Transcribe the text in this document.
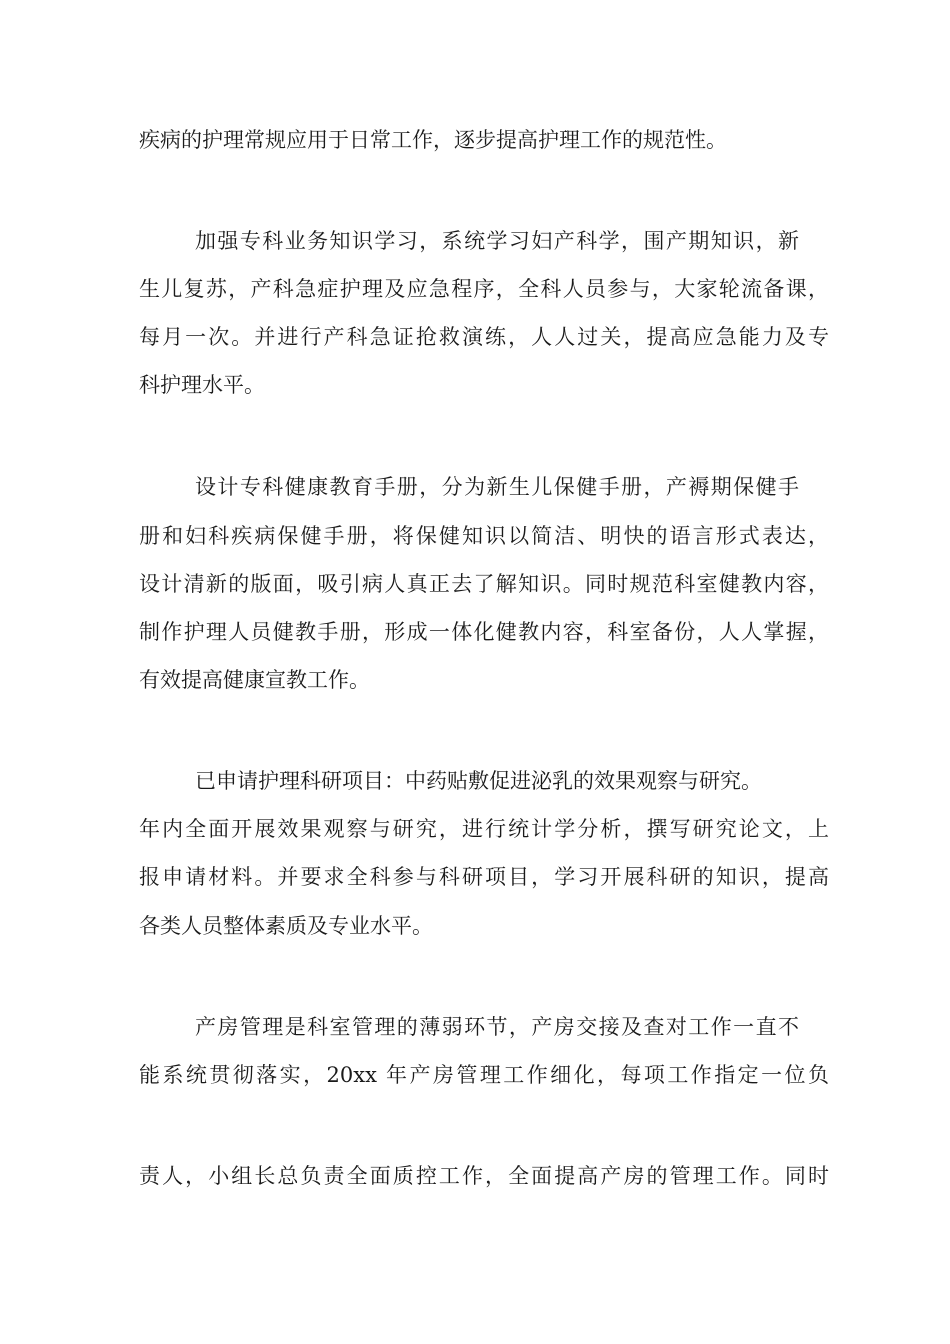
疾病的护理常规应用于日常工作，逐步提高护理工作的规范性。

加强专科业务知识学习，系统学习妇产科学，围产期知识，新

生儿复苏，产科急症护理及应急程序，全科人员参与，大家轮流备课，

每月一次。并进行产科急证抢救演练，人人过关，提高应急能力及专

科护理水平。

设计专科健康教育手册，分为新生儿保健手册，产褥期保健手

册和妇科疾病保健手册，将保健知识以简洁、明快的语言形式表达，

设计清新的版面，吸引病人真正去了解知识。同时规范科室健教内容，

制作护理人员健教手册，形成一体化健教内容，科室备份，人人掌握，

有效提高健康宣教工作。

已申请护理科研项目：中药贴敷促进泌乳的效果观察与研究。

年内全面开展效果观察与研究，进行统计学分析，撰写研究论文，上

报申请材料。并要求全科参与科研项目，学习开展科研的知识，提高

各类人员整体素质及专业水平。

产房管理是科室管理的薄弱环节，产房交接及查对工作一直不

能系统贯彻落实，20xx 年产房管理工作细化，每项工作指定一位负

责人，小组长总负责全面质控工作，全面提高产房的管理工作。同时
